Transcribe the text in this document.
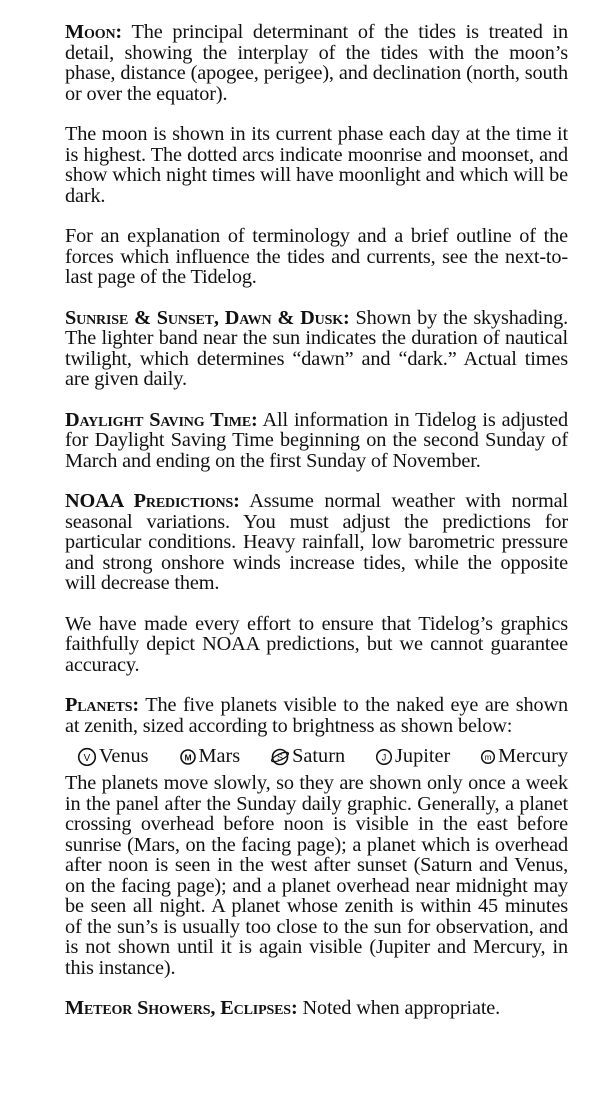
Moon: The principal determinant of the tides is treated in detail, showing the interplay of the tides with the moon’s phase, distance (apogee, perigee), and declination (north, south or over the equator).

The moon is shown in its current phase each day at the time it is highest. The dotted arcs indicate moonrise and moonset, and show which night times will have moonlight and which will be dark.

For an explanation of terminology and a brief outline of the forces which influence the tides and currents, see the next-to-last page of the Tidelog.

Sunrise & Sunset, Dawn & Dusk: Shown by the skyshading. The lighter band near the sun indicates the duration of nautical twilight, which determines “dawn” and “dark.” Actual times are given daily.

Daylight Saving Time: All information in Tidelog is adjusted for Daylight Saving Time beginning on the second Sunday of March and ending on the first Sunday of November.

NOAA Predictions: Assume normal weather with normal seasonal variations. You must adjust the predictions for particular conditions. Heavy rainfall, low barometric pressure and strong onshore winds increase tides, while the opposite will decrease them.

We have made every effort to ensure that Tidelog’s graphics faithfully depict NOAA predictions, but we cannot guarantee accuracy.

Planets: The five planets visible to the naked eye are shown at zenith, sized according to brightness as shown below:

V Venus	M Mars	S Saturn	J Jupiter	m Mercury

The planets move slowly, so they are shown only once a week in the panel after the Sunday daily graphic. Generally, a planet crossing overhead before noon is visible in the east before sunrise (Mars, on the facing page); a planet which is overhead after noon is seen in the west after sunset (Saturn and Venus, on the facing page); and a planet overhead near midnight may be seen all night. A planet whose zenith is within 45 minutes of the sun’s is usually too close to the sun for observation, and is not shown until it is again visible (Jupiter and Mercury, in this instance).

Meteor Showers, Eclipses: Noted when appropriate.
